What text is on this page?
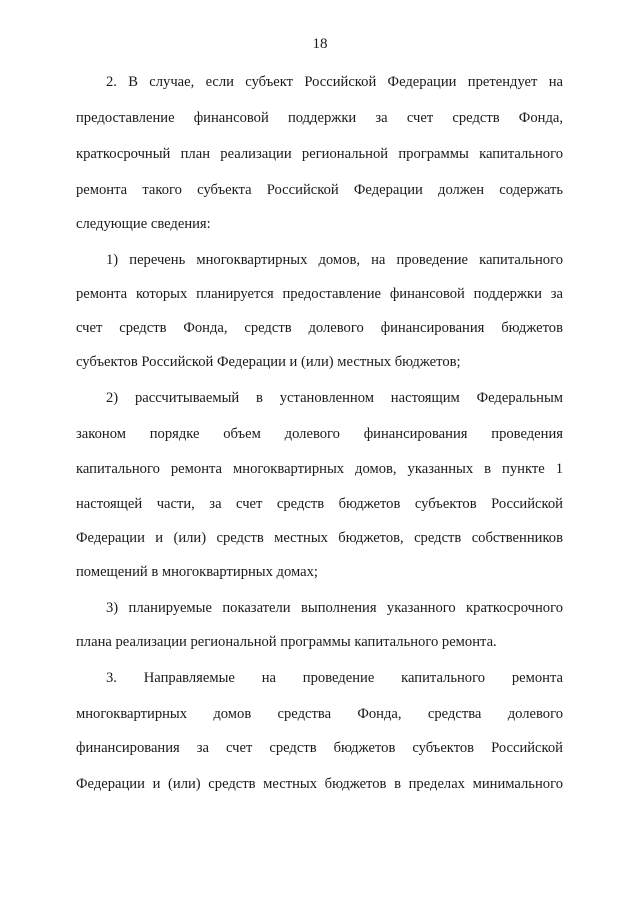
18
2. В случае, если субъект Российской Федерации претендует на
предоставление финансовой поддержки за счет средств Фонда,
краткосрочный план реализации региональной программы капитального
ремонта такого субъекта Российской Федерации должен содержать
следующие сведения:
1) перечень многоквартирных домов, на проведение капитального
ремонта которых планируется предоставление финансовой поддержки за
счет средств Фонда, средств долевого финансирования бюджетов
субъектов Российской Федерации и (или) местных бюджетов;
2) рассчитываемый в установленном настоящим Федеральным
законом порядке объем долевого финансирования проведения
капитального ремонта многоквартирных домов, указанных в пункте 1
настоящей части, за счет средств бюджетов субъектов Российской
Федерации и (или) средств местных бюджетов, средств собственников
помещений в многоквартирных домах;
3) планируемые показатели выполнения указанного краткосрочного
плана реализации региональной программы капитального ремонта.
3. Направляемые на проведение капитального ремонта
многоквартирных домов средства Фонда, средства долевого
финансирования за счет средств бюджетов субъектов Российской
Федерации и (или) средств местных бюджетов в пределах минимального
